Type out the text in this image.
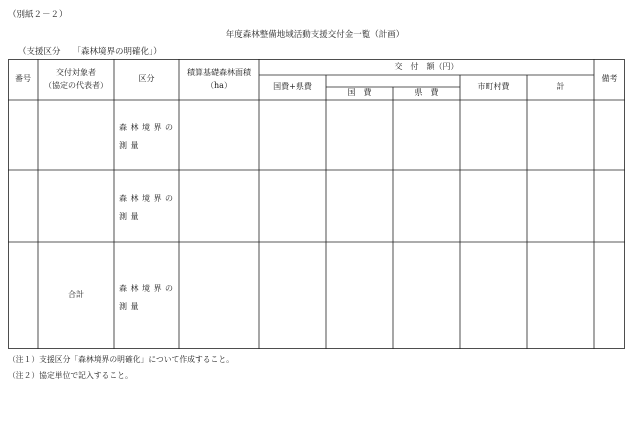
（別紙２－２）
年度森林整備地域活動支援交付金一覧（計画）
（支援区分 「森林境界の明確化」）
番号
交付対象者
（協定の代表者）
区分
積算基礎森林面積
（ha）
交　付　額（円）
国費+県費
国　費	県　費
市町村費	計
備考
森林境界の
測量
森林境界の
測量
合計
森林境界の
測量
（注１）支援区分「森林境界の明確化」について作成すること。
（注２）協定単位で記入すること。
